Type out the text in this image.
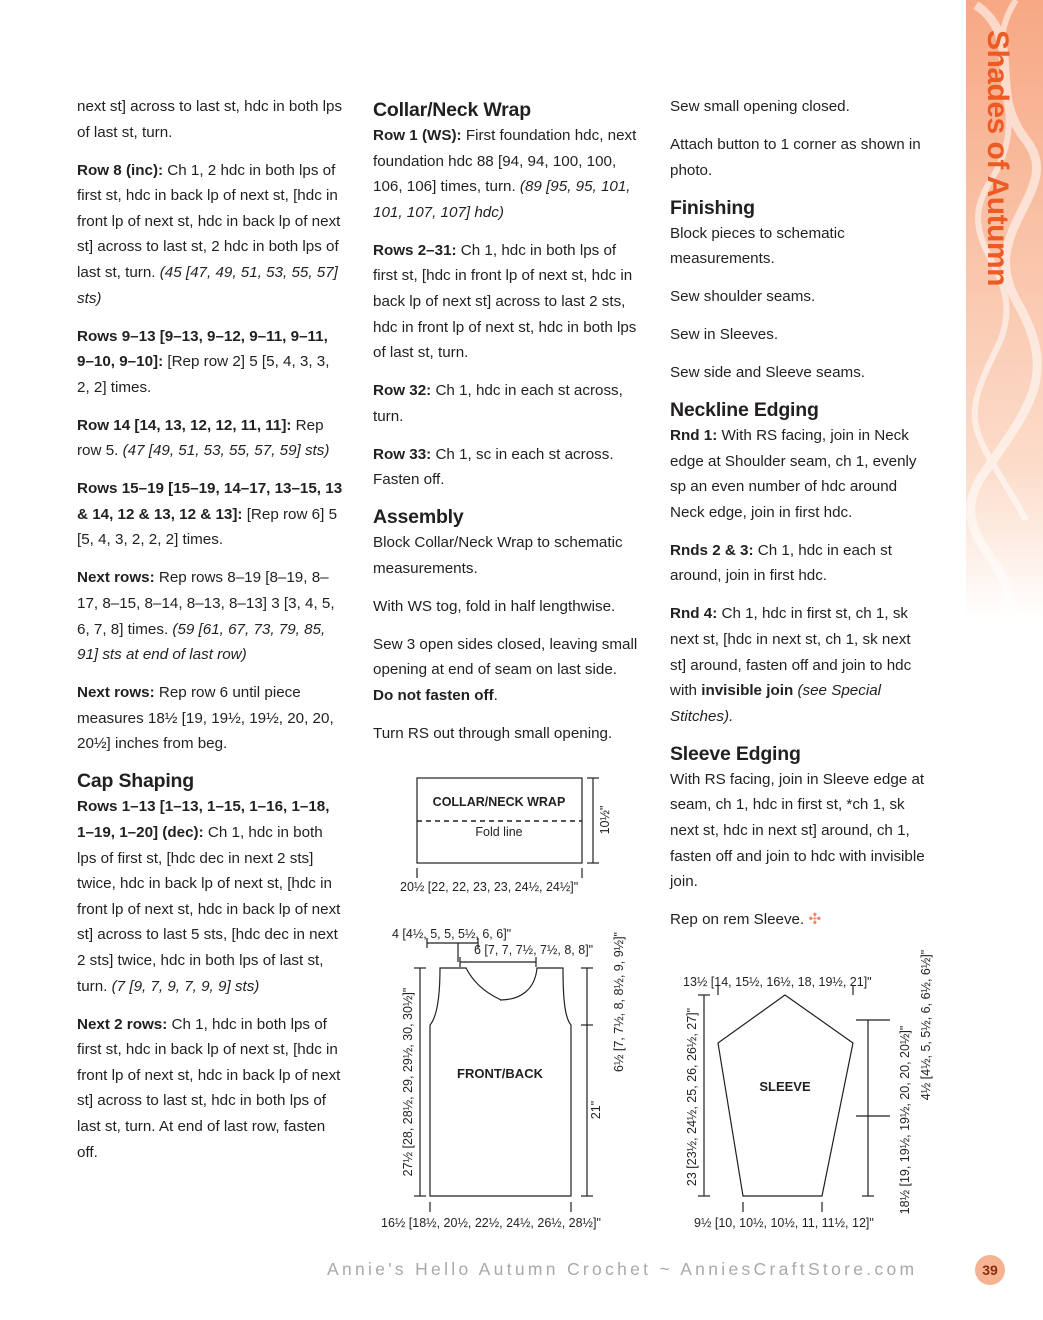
Shades of Autumn

next st] across to last st, hdc in both lps of last st, turn.

Row 8 (inc): Ch 1, 2 hdc in both lps of first st, hdc in back lp of next st, [hdc in front lp of next st, hdc in back lp of next st] across to last st, 2 hdc in both lps of last st, turn. (45 [47, 49, 51, 53, 55, 57] sts)

Rows 9–13 [9–13, 9–12, 9–11, 9–11, 9–10, 9–10]: [Rep row 2] 5 [5, 4, 3, 3, 2, 2] times.

Row 14 [14, 13, 12, 12, 11, 11]: Rep row 5. (47 [49, 51, 53, 55, 57, 59] sts)

Rows 15–19 [15–19, 14–17, 13–15, 13 & 14, 12 & 13, 12 & 13]: [Rep row 6] 5 [5, 4, 3, 2, 2, 2] times.

Next rows: Rep rows 8–19 [8–19, 8–17, 8–15, 8–14, 8–13, 8–13] 3 [3, 4, 5, 6, 7, 8] times. (59 [61, 67, 73, 79, 85, 91] sts at end of last row)

Next rows: Rep row 6 until piece measures 18½ [19, 19½, 19½, 20, 20, 20½] inches from beg.

Cap Shaping

Rows 1–13 [1–13, 1–15, 1–16, 1–18, 1–19, 1–20] (dec): Ch 1, hdc in both lps of first st, [hdc dec in next 2 sts] twice, hdc in back lp of next st, [hdc in front lp of next st, hdc in back lp of next st] across to last 5 sts, [hdc dec in next 2 sts] twice, hdc in both lps of last st, turn. (7 [9, 7, 9, 7, 9, 9] sts)

Next 2 rows: Ch 1, hdc in both lps of first st, hdc in back lp of next st, [hdc in front lp of next st, hdc in back lp of next st] across to last st, hdc in both lps of last st, turn. At end of last row, fasten off.

Collar/Neck Wrap

Row 1 (WS): First foundation hdc, next foundation hdc 88 [94, 94, 100, 100, 106, 106] times, turn. (89 [95, 95, 101, 101, 107, 107] hdc)

Rows 2–31: Ch 1, hdc in both lps of first st, [hdc in front lp of next st, hdc in back lp of next st] across to last 2 sts, hdc in front lp of next st, hdc in both lps of last st, turn.

Row 32: Ch 1, hdc in each st across, turn.

Row 33: Ch 1, sc in each st across. Fasten off.

Assembly

Block Collar/Neck Wrap to schematic measurements.

With WS tog, fold in half lengthwise.

Sew 3 open sides closed, leaving small opening at end of seam on last side. Do not fasten off.

Turn RS out through small opening.

Sew small opening closed.

Attach button to 1 corner as shown in photo.

Finishing

Block pieces to schematic measurements.

Sew shoulder seams.

Sew in Sleeves.

Sew side and Sleeve seams.

Neckline Edging

Rnd 1: With RS facing, join in Neck edge at Shoulder seam, ch 1, evenly sp an even number of hdc around Neck edge, join in first hdc.

Rnds 2 & 3: Ch 1, hdc in each st around, join in first hdc.

Rnd 4: Ch 1, hdc in first st, ch 1, sk next st, [hdc in next st, ch 1, sk next st] around, fasten off and join to hdc with invisible join (see Special Stitches).

Sleeve Edging

With RS facing, join in Sleeve edge at seam, ch 1, hdc in first st, *ch 1, sk next st, hdc in next st] around, ch 1, fasten off and join to hdc with invisible join.

Rep on rem Sleeve. ✣

COLLAR/NECK WRAP
Fold line	10½"
20½ [22, 22, 23, 23, 24½, 24½]"
4 [4½, 5, 5, 5½, 6, 6]"
6 [7, 7, 7½, 7½, 8, 8]"
FRONT/BACK
27½ [28, 28½, 29, 29½, 30, 30½]"	6½ [7, 7½, 8, 8½, 9, 9½]"
21"
16½ [18½, 20½, 22½, 24½, 26½, 28½]"
13½ [14, 15½, 16½, 18, 19½, 21]"
SLEEVE
23 [23½, 24½, 25, 26, 26½, 27]"	4½ [4½, 5, 5½, 6, 6½, 6½]"
18½ [19, 19½, 19½, 20, 20, 20½]"
9½ [10, 10½, 10½, 11, 11½, 12]"
Annie's Hello Autumn Crochet ~ AnniesCraftStore.com	39
